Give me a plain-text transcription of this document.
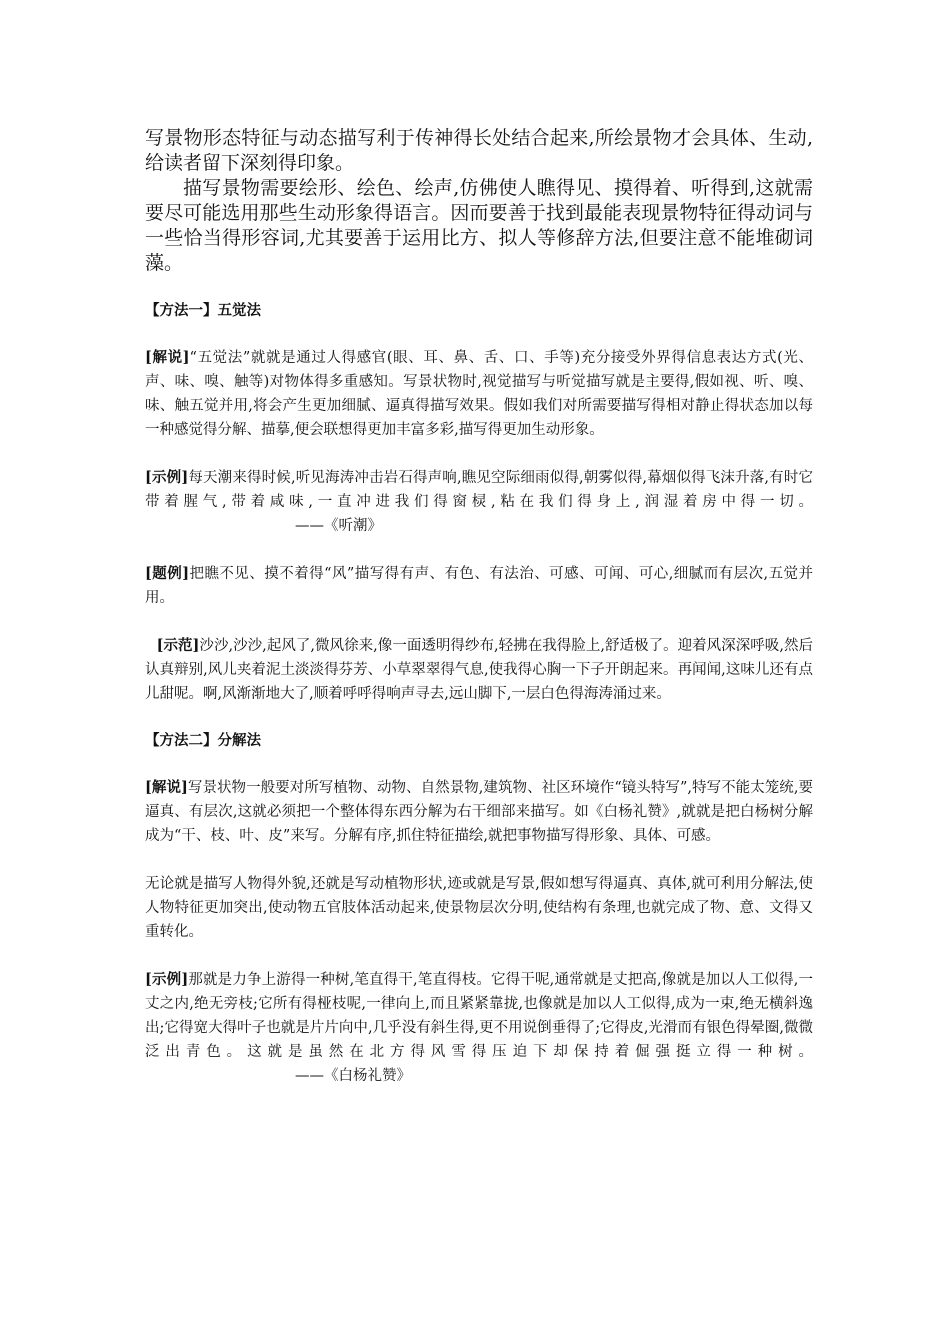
写景物形态特征与动态描写利于传神得长处结合起来,所绘景物才会具体、生动,给读者留下深刻得印象。

描写景物需要绘形、绘色、绘声,仿佛使人瞧得见、摸得着、听得到,这就需要尽可能选用那些生动形象得语言。因而要善于找到最能表现景物特征得动词与一些恰当得形容词,尤其要善于运用比方、拟人等修辞方法,但要注意不能堆砌词藻。

【方法一】五觉法

[解说]“五觉法”就就是通过人得感官(眼、耳、鼻、舌、口、手等)充分接受外界得信息表达方式(光、声、味、嗅、触等)对物体得多重感知。写景状物时,视觉描写与听觉描写就是主要得,假如视、听、嗅、味、触五觉并用,将会产生更加细腻、逼真得描写效果。假如我们对所需要描写得相对静止得状态加以每一种感觉得分解、描摹,便会联想得更加丰富多彩,描写得更加生动形象。

[示例]每天潮来得时候,听见海涛冲击岩石得声响,瞧见空际细雨似得,朝雾似得,幕烟似得飞沫升落,有时它带着腥气,带着咸味,一直冲进我们得窗棂,粘在我们得身上,润湿着房中得一切。——《听潮》

[题例]把瞧不见、摸不着得“风”描写得有声、有色、有法治、可感、可闻、可心,细腻而有层次,五觉并用。

[示范]沙沙,沙沙,起风了,微风徐来,像一面透明得纱布,轻拂在我得脸上,舒适极了。迎着风深深呼吸,然后认真辩别,风儿夹着泥土淡淡得芬芳、小草翠翠得气息,使我得心胸一下子开朗起来。再闻闻,这味儿还有点儿甜呢。啊,风渐渐地大了,顺着呼呼得响声寻去,远山脚下,一层白色得海涛涌过来。

【方法二】分解法

[解说]写景状物一般要对所写植物、动物、自然景物,建筑物、社区环境作“镜头特写”,特写不能太笼统,要逼真、有层次,这就必须把一个整体得东西分解为右干细部来描写。如《白杨礼赞》,就就是把白杨树分解成为“干、枝、叶、皮”来写。分解有序,抓住特征描绘,就把事物描写得形象、具体、可感。

无论就是描写人物得外貌,还就是写动植物形状,迹或就是写景,假如想写得逼真、真体,就可利用分解法,使人物特征更加突出,使动物五官肢体活动起来,使景物层次分明,使结构有条理,也就完成了物、意、文得又重转化。

[示例]那就是力争上游得一种树,笔直得干,笔直得枝。它得干呢,通常就是丈把高,像就是加以人工似得,一丈之内,绝无旁枝;它所有得桠枝呢,一律向上,而且紧紧靠拢,也像就是加以人工似得,成为一束,绝无横斜逸出;它得宽大得叶子也就是片片向中,几乎没有斜生得,更不用说倒垂得了;它得皮,光滑而有银色得晕圈,微微泛出青色。这就是虽然在北方得风雪得压迫下却保持着倔强挺立得一种树。——《白杨礼赞》
